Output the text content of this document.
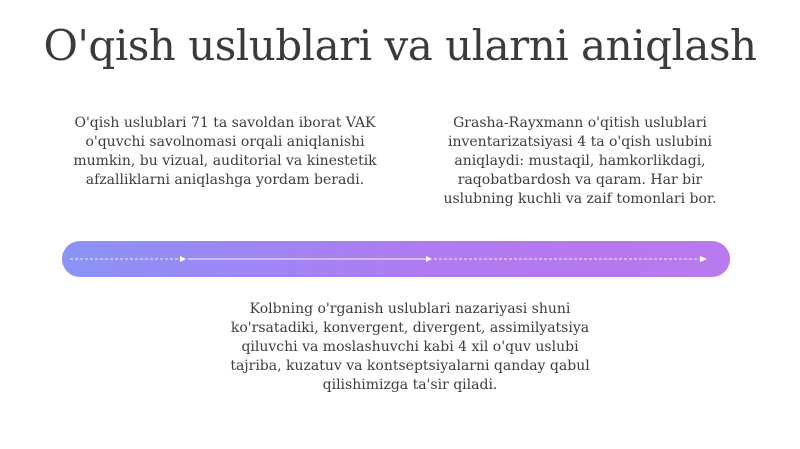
O'qish uslublari va ularni aniqlash
O'qish uslublari 71 ta savoldan iborat VAK o'quvchi savolnomasi orqali aniqlanishi mumkin, bu vizual, auditorial va kinestetik afzalliklarni aniqlashga yordam beradi.
Grasha-Rayxmann o'qitish uslublari inventarizatsiyasi 4 ta o'qish uslubini aniqlaydi: mustaqil, hamkorlikdagi, raqobatbardosh va qaram. Har bir uslubning kuchli va zaif tomonlari bor.
Kolbning o'rganish uslublari nazariyasi shuni ko'rsatadiki, konvergent, divergent, assimilyatsiya qiluvchi va moslashuvchi kabi 4 xil o'quv uslubi tajriba, kuzatuv va kontseptsiyalarni qanday qabul qilishimizga ta'sir qiladi.
